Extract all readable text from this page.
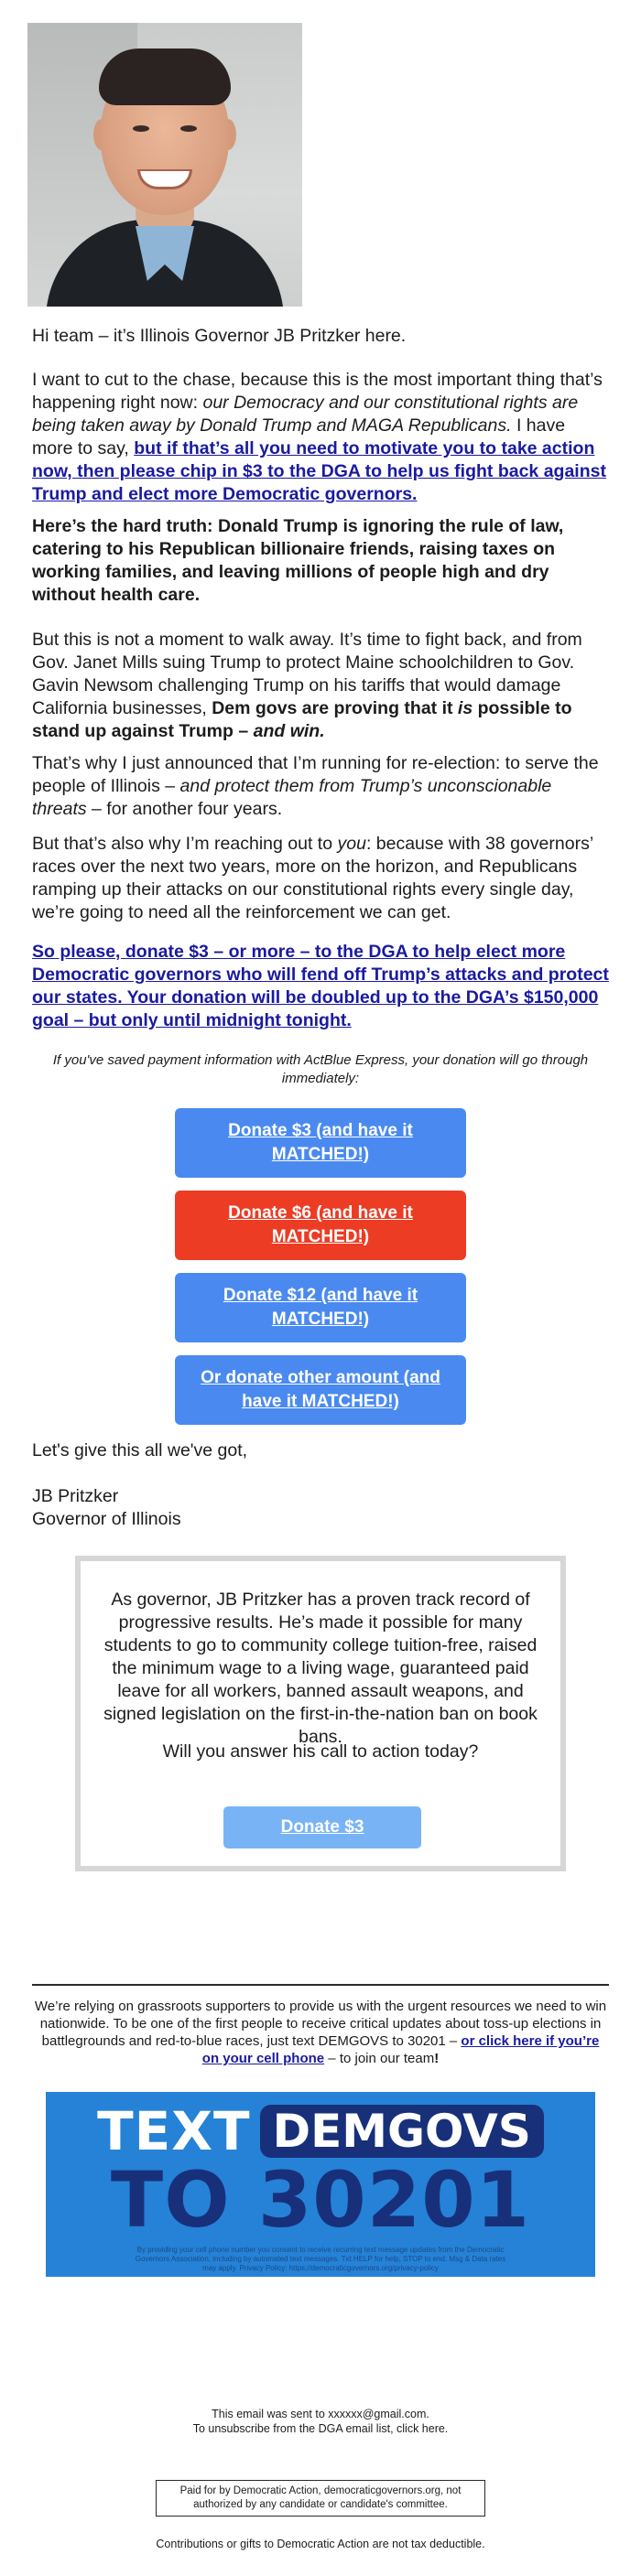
Hi team – it’s Illinois Governor JB Pritzker here.

I want to cut to the chase, because this is the most important thing that’s happening right now: our Democracy and our constitutional rights are being taken away by Donald Trump and MAGA Republicans. I have more to say, but if that’s all you need to motivate you to take action now, then please chip in $3 to the DGA to help us fight back against Trump and elect more Democratic governors.

Here’s the hard truth: Donald Trump is ignoring the rule of law, catering to his Republican billionaire friends, raising taxes on working families, and leaving millions of people high and dry without health care.

But this is not a moment to walk away. It’s time to fight back, and from Gov. Janet Mills suing Trump to protect Maine schoolchildren to Gov. Gavin Newsom challenging Trump on his tariffs that would damage California businesses, Dem govs are proving that it is possible to stand up against Trump – and win.

That’s why I just announced that I’m running for re-election: to serve the people of Illinois – and protect them from Trump’s unconscionable threats – for another four years.

But that’s also why I’m reaching out to you: because with 38 governors’ races over the next two years, more on the horizon, and Republicans ramping up their attacks on our constitutional rights every single day, we’re going to need all the reinforcement we can get.

So please, donate $3 – or more – to the DGA to help elect more Democratic governors who will fend off Trump’s attacks and protect our states. Your donation will be doubled up to the DGA’s $150,000 goal – but only until midnight tonight.

If you've saved payment information with ActBlue Express, your donation will go through immediately:
Donate $3 (and have it MATCHED!)
Donate $6 (and have it MATCHED!)
Donate $12 (and have it MATCHED!)
Or donate other amount (and have it MATCHED!)

Let's give this all we've got,

JB Pritzker

Governor of Illinois

As governor, JB Pritzker has a proven track record of progressive results. He’s made it possible for many students to go to community college tuition-free, raised the minimum wage to a living wage, guaranteed paid leave for all workers, banned assault weapons, and signed legislation on the first-in-the-nation ban on book bans.
Will you answer his call to action today?
Donate $3
We’re relying on grassroots supporters to provide us with the urgent resources we need to win nationwide. To be one of the first people to receive critical updates about toss-up elections in battlegrounds and red-to-blue races, just text DEMGOVS to 30201 – or click here if you’re on your cell phone – to join our team!
TEXT DEMGOVS
TO 30201
By providing your cell phone number you consent to receive recurring text message updates from the Democratic Governors Association, including by automated text messages. Txt HELP for help, STOP to end. Msg & Data rates may apply. Privacy Policy: https://democraticgovernors.org/privacy-policy
This email was sent to xxxxxx@gmail.com.
To unsubscribe from the DGA email list, click here.
Paid for by Democratic Action, democraticgovernors.org, not authorized by any candidate or candidate's committee.
Contributions or gifts to Democratic Action are not tax deductible.
